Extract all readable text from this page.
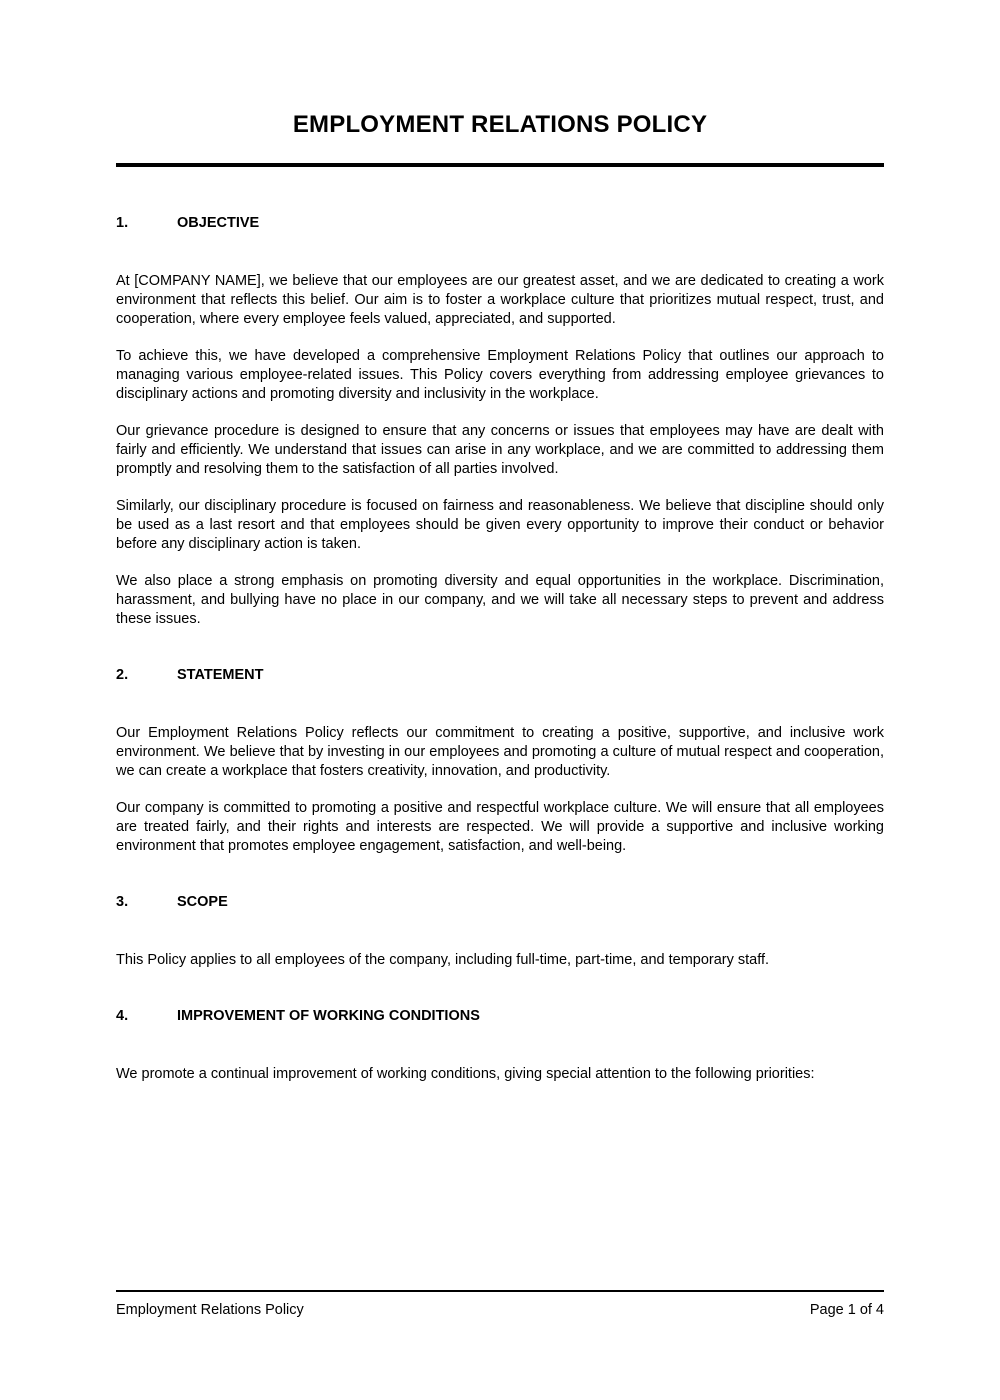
EMPLOYMENT RELATIONS POLICY
1.	OBJECTIVE

At [COMPANY NAME], we believe that our employees are our greatest asset, and we are dedicated to creating a work environment that reflects this belief. Our aim is to foster a workplace culture that prioritizes mutual respect, trust, and cooperation, where every employee feels valued, appreciated, and supported.

To achieve this, we have developed a comprehensive Employment Relations Policy that outlines our approach to managing various employee-related issues. This Policy covers everything from addressing employee grievances to disciplinary actions and promoting diversity and inclusivity in the workplace.

Our grievance procedure is designed to ensure that any concerns or issues that employees may have are dealt with fairly and efficiently. We understand that issues can arise in any workplace, and we are committed to addressing them promptly and resolving them to the satisfaction of all parties involved.

Similarly, our disciplinary procedure is focused on fairness and reasonableness. We believe that discipline should only be used as a last resort and that employees should be given every opportunity to improve their conduct or behavior before any disciplinary action is taken.

We also place a strong emphasis on promoting diversity and equal opportunities in the workplace. Discrimination, harassment, and bullying have no place in our company, and we will take all necessary steps to prevent and address these issues.

2.	STATEMENT

Our Employment Relations Policy reflects our commitment to creating a positive, supportive, and inclusive work environment. We believe that by investing in our employees and promoting a culture of mutual respect and cooperation, we can create a workplace that fosters creativity, innovation, and productivity.

Our company is committed to promoting a positive and respectful workplace culture. We will ensure that all employees are treated fairly, and their rights and interests are respected. We will provide a supportive and inclusive working environment that promotes employee engagement, satisfaction, and well-being.

3.	SCOPE

This Policy applies to all employees of the company, including full-time, part-time, and temporary staff.

4.	IMPROVEMENT OF WORKING CONDITIONS

We promote a continual improvement of working conditions, giving special attention to the following priorities:

Employment Relations Policy	Page 1 of 4
